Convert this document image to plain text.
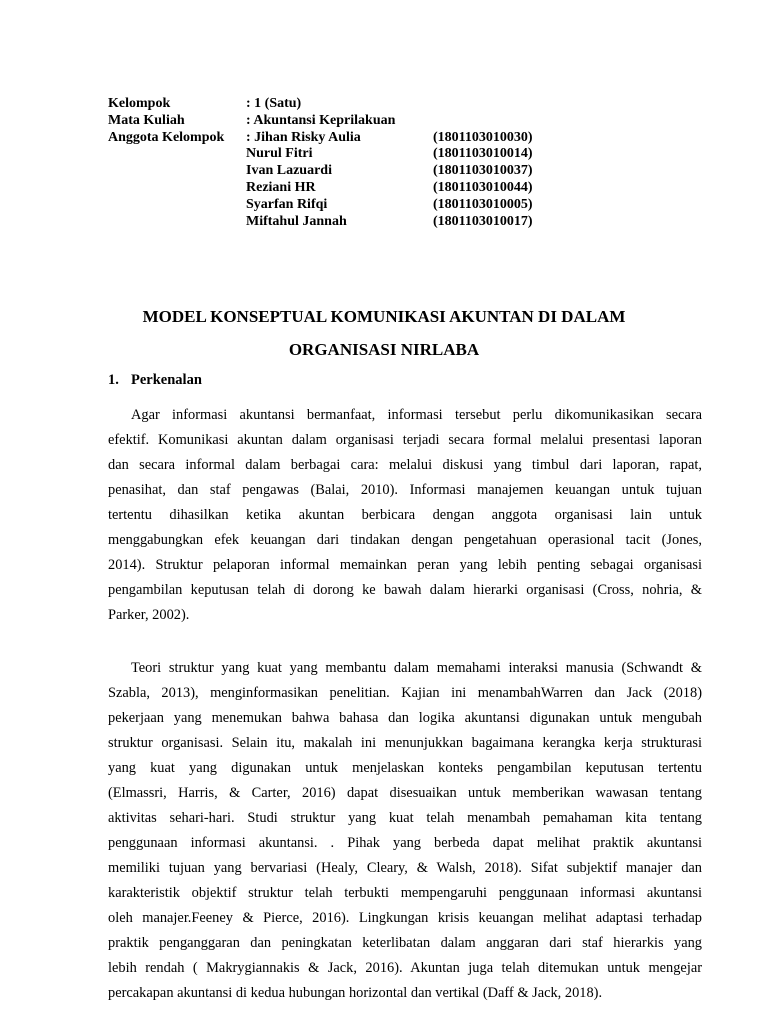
Kelompok	: 1 (Satu)
Mata Kuliah	: Akuntansi Keprilakuan
Anggota Kelompok : Jihan Risky Aulia	(1801103010030)
Nurul Fitri	(1801103010014)
Ivan Lazuardi	(1801103010037)
Reziani HR	(1801103010044)
Syarfan Rifqi	(1801103010005)
Miftahul Jannah	(1801103010017)
MODEL KONSEPTUAL KOMUNIKASI AKUNTAN DI DALAM
ORGANISASI NIRLABA
1. Perkenalan
Agar informasi akuntansi bermanfaat, informasi tersebut perlu dikomunikasikan secara
efektif. Komunikasi akuntan dalam organisasi terjadi secara formal melalui presentasi laporan
dan secara informal dalam berbagai cara: melalui diskusi yang timbul dari laporan, rapat,
penasihat, dan staf pengawas (Balai, 2010). Informasi manajemen keuangan untuk tujuan
tertentu dihasilkan ketika akuntan berbicara dengan anggota organisasi lain untuk
menggabungkan efek keuangan dari tindakan dengan pengetahuan operasional tacit (Jones,
2014). Struktur pelaporan informal memainkan peran yang lebih penting sebagai organisasi
pengambilan keputusan telah di dorong ke bawah dalam hierarki organisasi (Cross, nohria, &
Parker, 2002).
Teori struktur yang kuat yang membantu dalam memahami interaksi manusia (Schwandt &
Szabla, 2013), menginformasikan penelitian. Kajian ini menambahWarren dan Jack (2018)
pekerjaan yang menemukan bahwa bahasa dan logika akuntansi digunakan untuk mengubah
struktur organisasi. Selain itu, makalah ini menunjukkan bagaimana kerangka kerja strukturasi
yang kuat yang digunakan untuk menjelaskan konteks pengambilan keputusan tertentu
(Elmassri, Harris, & Carter, 2016) dapat disesuaikan untuk memberikan wawasan tentang
aktivitas sehari-hari. Studi struktur yang kuat telah menambah pemahaman kita tentang
penggunaan informasi akuntansi. . Pihak yang berbeda dapat melihat praktik akuntansi
memiliki tujuan yang bervariasi (Healy, Cleary, & Walsh, 2018). Sifat subjektif manajer dan
karakteristik objektif struktur telah terbukti mempengaruhi penggunaan informasi akuntansi
oleh manajer.Feeney & Pierce, 2016). Lingkungan krisis keuangan melihat adaptasi terhadap
praktik penganggaran dan peningkatan keterlibatan dalam anggaran dari staf hierarkis yang
lebih rendah ( Makrygiannakis & Jack, 2016). Akuntan juga telah ditemukan untuk mengejar
percakapan akuntansi di kedua hubungan horizontal dan vertikal (Daff & Jack, 2018).
